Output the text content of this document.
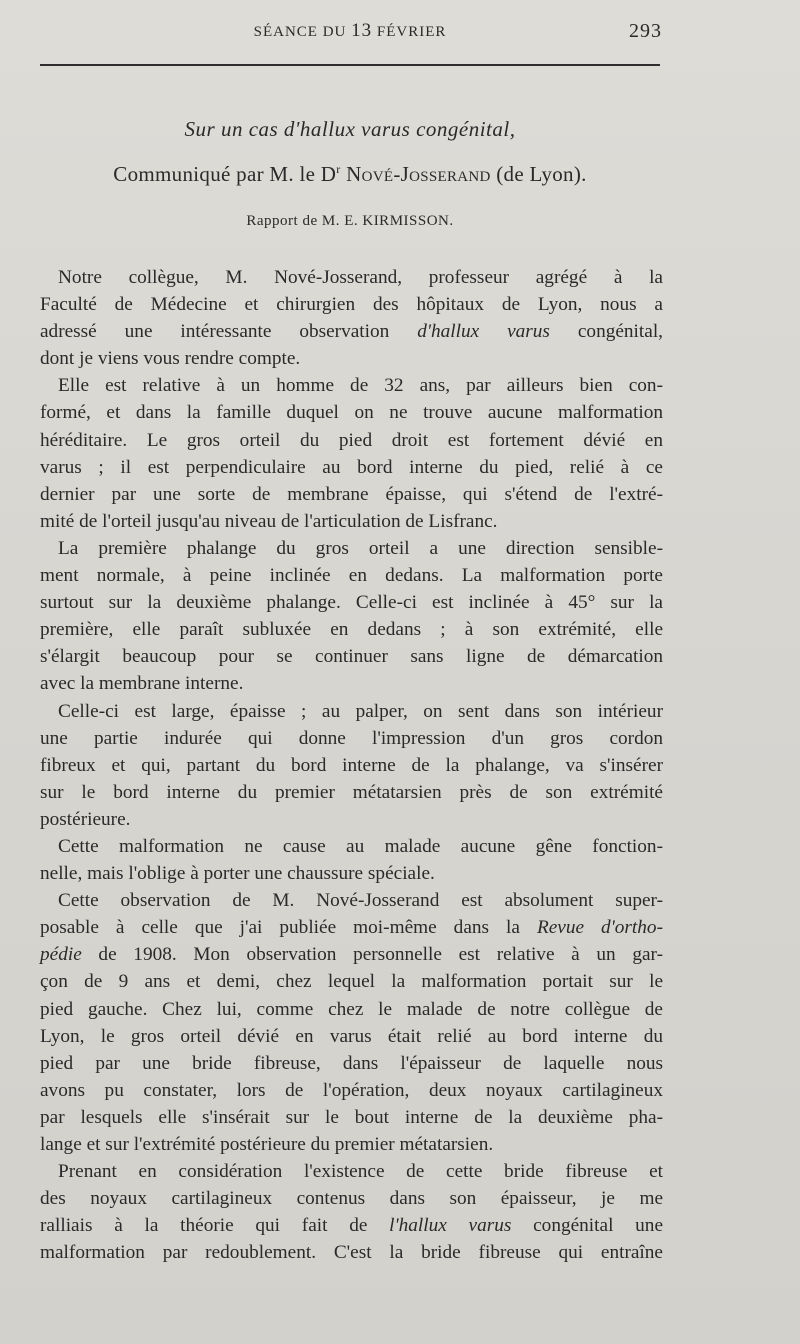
SÉANCE DU 13 FÉVRIER	293
Sur un cas d'hallux varus congénital,
Communiqué par M. le $D^r$ Nové-Josserand (de Lyon).
Rapport de M. E. KIRMISSON.
Notre collègue, M. Nové-Josserand, professeur agrégé à la
Faculté de Médecine et chirurgien des hôpitaux de Lyon, nous a
adressé une intéressante observation d'hallux varus congénital,
dont je viens vous rendre compte.
Elle est relative à un homme de 32 ans, par ailleurs bien con-
formé, et dans la famille duquel on ne trouve aucune malformation
héréditaire. Le gros orteil du pied droit est fortement dévié en
varus ; il est perpendiculaire au bord interne du pied, relié à ce
dernier par une sorte de membrane épaisse, qui s'étend de l'extré-
mité de l'orteil jusqu'au niveau de l'articulation de Lisfranc.
La première phalange du gros orteil a une direction sensible-
ment normale, à peine inclinée en dedans. La malformation porte
surtout sur la deuxième phalange. Celle-ci est inclinée à 45° sur la
première, elle paraît subluxée en dedans ; à son extrémité, elle
s'élargit beaucoup pour se continuer sans ligne de démarcation
avec la membrane interne.
Celle-ci est large, épaisse ; au palper, on sent dans son intérieur
une partie indurée qui donne l'impression d'un gros cordon
fibreux et qui, partant du bord interne de la phalange, va s'insérer
sur le bord interne du premier métatarsien près de son extrémité
postérieure.
Cette malformation ne cause au malade aucune gêne fonction-
nelle, mais l'oblige à porter une chaussure spéciale.
Cette observation de M. Nové-Josserand est absolument super-
posable à celle que j'ai publiée moi-même dans la Revue d'ortho-
pédie de 1908. Mon observation personnelle est relative à un gar-
çon de 9 ans et demi, chez lequel la malformation portait sur le
pied gauche. Chez lui, comme chez le malade de notre collègue de
Lyon, le gros orteil dévié en varus était relié au bord interne du
pied par une bride fibreuse, dans l'épaisseur de laquelle nous
avons pu constater, lors de l'opération, deux noyaux cartilagineux
par lesquels elle s'insérait sur le bout interne de la deuxième pha-
lange et sur l'extrémité postérieure du premier métatarsien.
Prenant en considération l'existence de cette bride fibreuse et
des noyaux cartilagineux contenus dans son épaisseur, je me
ralliais à la théorie qui fait de l'hallux varus congénital une
malformation par redoublement. C'est la bride fibreuse qui entraîne
